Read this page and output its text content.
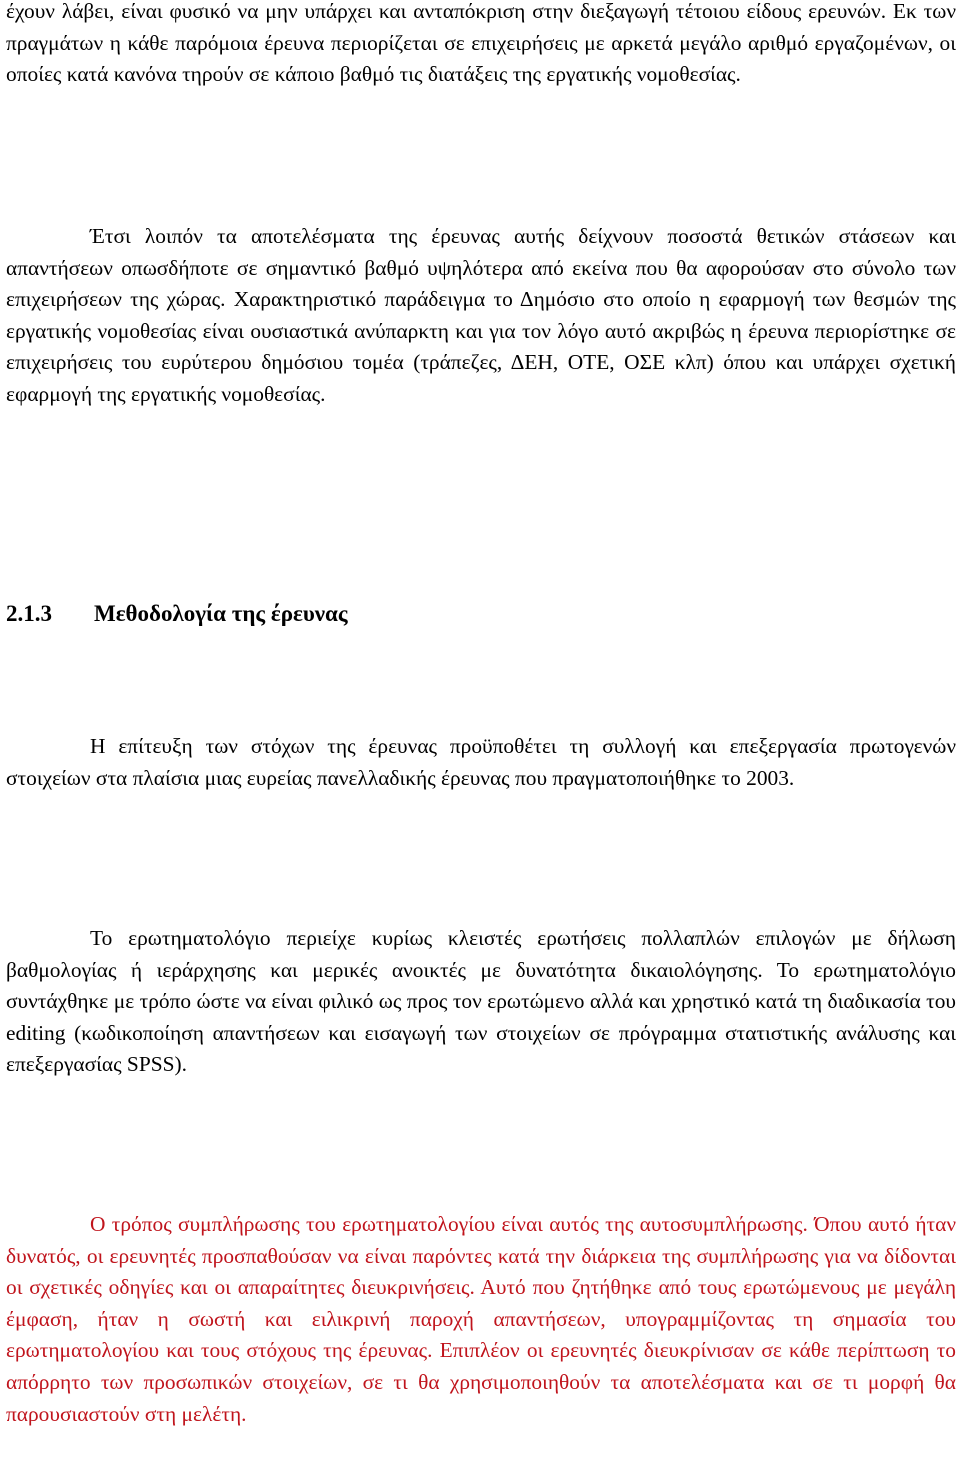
έχουν λάβει, είναι φυσικό να μην υπάρχει και ανταπόκριση στην διεξαγωγή τέτοιου είδους ερευνών. Εκ των πραγμάτων η κάθε παρόμοια έρευνα περιορίζεται σε επιχειρήσεις με αρκετά μεγάλο αριθμό εργαζομένων, οι οποίες κατά κανόνα τηρούν σε κάποιο βαθμό τις διατάξεις της εργατικής νομοθεσίας.

Έτσι λοιπόν τα αποτελέσματα της έρευνας αυτής δείχνουν ποσοστά θετικών στάσεων και απαντήσεων οπωσδήποτε σε σημαντικό βαθμό υψηλότερα από εκείνα που θα αφορούσαν στο σύνολο των επιχειρήσεων της χώρας. Χαρακτηριστικό παράδειγμα το Δημόσιο στο οποίο η εφαρμογή των θεσμών της εργατικής νομοθεσίας είναι ουσιαστικά ανύπαρκτη και για τον λόγο αυτό ακριβώς η έρευνα περιορίστηκε σε επιχειρήσεις του ευρύτερου δημόσιου τομέα (τράπεζες, ΔΕΗ, ΟΤΕ, ΟΣΕ κλπ) όπου και υπάρχει σχετική εφαρμογή της εργατικής νομοθεσίας.

2.1.3 Μεθοδολογία της έρευνας

Η επίτευξη των στόχων της έρευνας προϋποθέτει τη συλλογή και επεξεργασία πρωτογενών στοιχείων στα πλαίσια μιας ευρείας πανελλαδικής έρευνας που πραγματοποιήθηκε το 2003.

Το ερωτηματολόγιο περιείχε κυρίως κλειστές ερωτήσεις πολλαπλών επιλογών με δήλωση βαθμολογίας ή ιεράρχησης και μερικές ανοικτές με δυνατότητα δικαιολόγησης. Το ερωτηματολόγιο συντάχθηκε με τρόπο ώστε να είναι φιλικό ως προς τον ερωτώμενο αλλά και χρηστικό κατά τη διαδικασία του editing (κωδικοποίηση απαντήσεων και εισαγωγή των στοιχείων σε πρόγραμμα στατιστικής ανάλυσης και επεξεργασίας SPSS).

Ο τρόπος συμπλήρωσης του ερωτηματολογίου είναι αυτός της αυτοσυμπλήρωσης. Όπου αυτό ήταν δυνατός, οι ερευνητές προσπαθούσαν να είναι παρόντες κατά την διάρκεια της συμπλήρωσης για να δίδονται οι σχετικές οδηγίες και οι απαραίτητες διευκρινήσεις. Αυτό που ζητήθηκε από τους ερωτώμενους με μεγάλη έμφαση, ήταν η σωστή και ειλικρινή παροχή απαντήσεων, υπογραμμίζοντας τη σημασία του ερωτηματολογίου και τους στόχους της έρευνας. Επιπλέον οι ερευνητές διευκρίνισαν σε κάθε περίπτωση το απόρρητο των προσωπικών στοιχείων, σε τι θα χρησιμοποιηθούν τα αποτελέσματα και σε τι μορφή θα παρουσιαστούν στη μελέτη.
